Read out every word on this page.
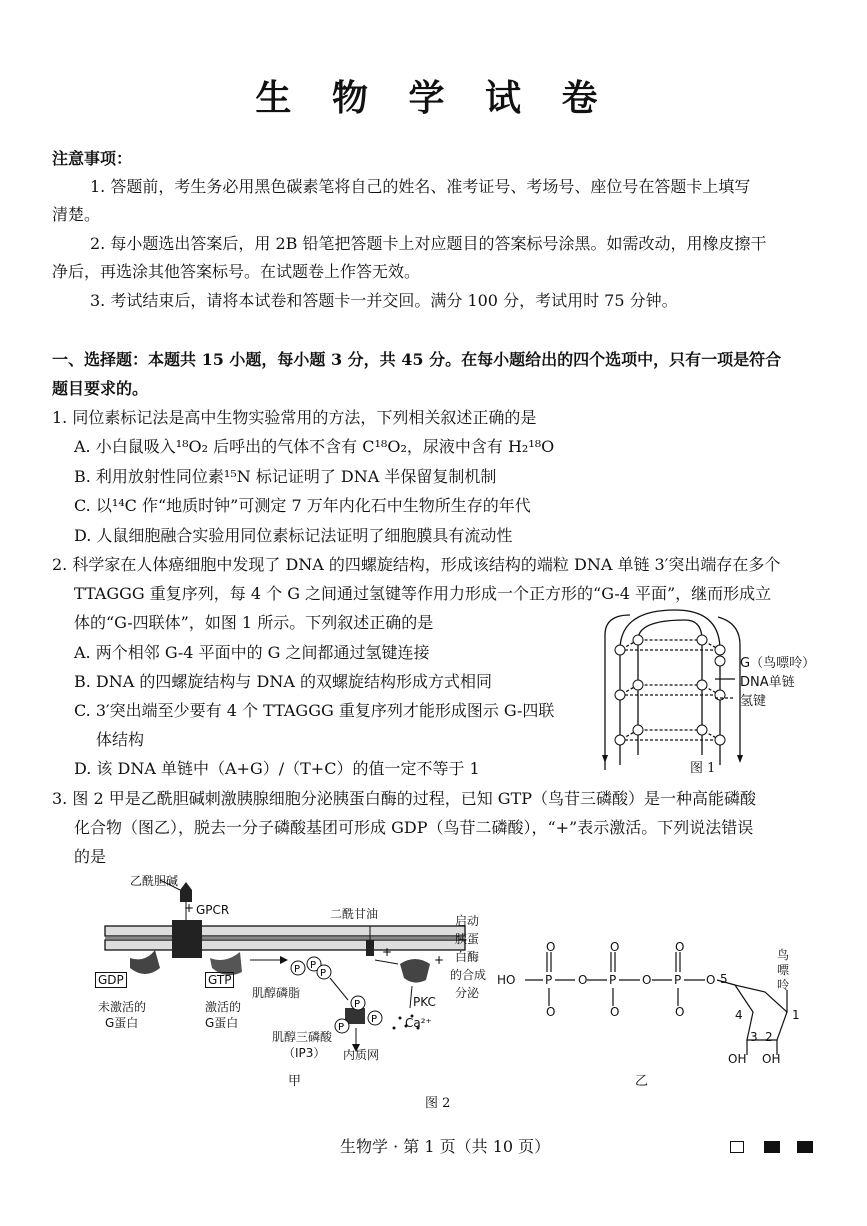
生 物 学 试 卷
注意事项：
1. 答题前，考生务必用黑色碳素笔将自己的姓名、准考证号、考场号、座位号在答题卡上填写
清楚。
2. 每小题选出答案后，用 2B 铅笔把答题卡上对应题目的答案标号涂黑。如需改动，用橡皮擦干
净后，再选涂其他答案标号。在试题卷上作答无效。
3. 考试结束后，请将本试卷和答题卡一并交回。满分 100 分，考试用时 75 分钟。
一、选择题：本题共 15 小题，每小题 3 分，共 45 分。在每小题给出的四个选项中，只有一项是符合
题目要求的。
1. 同位素标记法是高中生物实验常用的方法，下列相关叙述正确的是
A. 小白鼠吸入¹⁸O₂ 后呼出的气体不含有 C¹⁸O₂，尿液中含有 H₂¹⁸O
B. 利用放射性同位素¹⁵N 标记证明了 DNA 半保留复制机制
C. 以¹⁴C 作“地质时钟”可测定 7 万年内化石中生物所生存的年代
D. 人鼠细胞融合实验用同位素标记法证明了细胞膜具有流动性
2. 科学家在人体癌细胞中发现了 DNA 的四螺旋结构，形成该结构的端粒 DNA 单链 3′突出端存在多个
TTAGGG 重复序列，每 4 个 G 之间通过氢键等作用力形成一个正方形的“G-4 平面”，继而形成立
体的“G-四联体”，如图 1 所示。下列叙述正确的是
A. 两个相邻 G-4 平面中的 G 之间都通过氢键连接
B. DNA 的四螺旋结构与 DNA 的双螺旋结构形成方式相同
C. 3′突出端至少要有 4 个 TTAGGG 重复序列才能形成图示 G-四联
体结构
D. 该 DNA 单链中（A+G）/（T+C）的值一定不等于 1
G（鸟嘌呤）
DNA单链
氢键
图 1
3. 图 2 甲是乙酰胆碱刺激胰腺细胞分泌胰蛋白酶的过程，已知 GTP（鸟苷三磷酸）是一种高能磷酸
化合物（图乙），脱去一分子磷酸基团可形成 GDP（鸟苷二磷酸），“+”表示激活。下列说法错误
的是
+
P P
P
P
P
P
+
+
乙酰胆碱
GPCR	二酰甘油
GDP	GTP
未激活的
G蛋白
激活的
G蛋白
肌醇磷脂
肌醇三磷酸
（IP3） 内质网
PKC
Ca²⁺
启动
胰蛋
白酶
的合成
分泌
甲
HO P O P O P O
O	O	O
O	O	O
5
4
3 2
1
OH OH
鸟
嘌
呤
乙
图 2
生物学 · 第 1 页（共 10 页）
